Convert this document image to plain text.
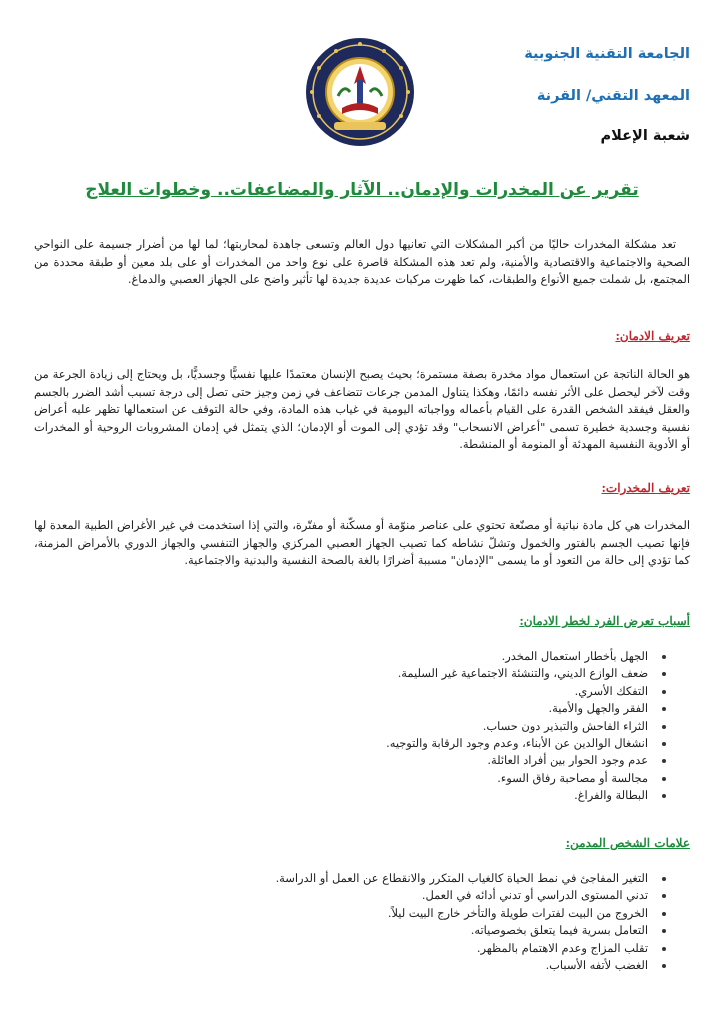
الجامعة التقنية الجنوبية
المعهد التقني/ القرنة
شعبة الإعلام
تقرير عن المخدرات والإدمان.. الآثار والمضاعفات.. وخطوات العلاج

تعد مشكلة المخدرات حاليًا من أكبر المشكلات التي تعانيها دول العالم وتسعى جاهدة لمحاربتها؛ لما لها من أضرار جسيمة على النواحي الصحية والاجتماعية والاقتصادية والأمنية، ولم تعد هذه المشكلة قاصرة على نوع واحد من المخدرات أو على بلد معين أو طبقة محددة من المجتمع، بل شملت جميع الأنواع والطبقات، كما ظهرت مركبات عديدة جديدة لها تأثير واضح على الجهاز العصبي والدماغ.

تعريف الادمان:

هو الحالة الناتجة عن استعمال مواد مخدرة بصفة مستمرة؛ بحيث يصبح الإنسان معتمدًا عليها نفسيًّا وجسديًّا، بل ويحتاج إلى زيادة الجرعة من وقت لآخر ليحصل على الأثر نفسه دائمًا، وهكذا يتناول المدمن جرعات تتضاعف في زمن وجيز حتى تصل إلى درجة تسبب أشد الضرر بالجسم والعقل فيفقد الشخص القدرة على القيام بأعماله وواجباته اليومية في غياب هذه المادة، وفي حالة التوقف عن استعمالها تظهر عليه أعراض نفسية وجسدية خطيرة تسمى "أعراض الانسحاب" وقد تؤدي إلى الموت أو الإدمان؛ الذي يتمثل في إدمان المشروبات الروحية أو المخدرات أو الأدوية النفسية المهدئة أو المنومة أو المنشطة.

تعريف المخدرات:

المخدرات هي كل مادة نباتية أو مصنّعة تحتوي على عناصر منوّمة أو مسكّنة أو مفتّرة، والتي إذا استخدمت في غير الأغراض الطبية المعدة لها فإنها تصيب الجسم بالفتور والخمول وتشلّ نشاطه كما تصيب الجهاز العصبي المركزي والجهاز التنفسي والجهاز الدوري بالأمراض المزمنة، كما تؤدي إلى حالة من التعود أو ما يسمى "الإدمان" مسببة أضرارًا بالغة بالصحة النفسية والبدنية والاجتماعية.

أسباب تعرض الفرد لخطر الادمان:
الجهل بأخطار استعمال المخدر.
ضعف الوازع الديني، والتنشئة الاجتماعية غير السليمة.
التفكك الأسري.
الفقر والجهل والأمية.
الثراء الفاحش والتبذير دون حساب.
انشغال الوالدين عن الأبناء، وعدم وجود الرقابة والتوجيه.
عدم وجود الحوار بين أفراد العائلة.
مجالسة أو مصاحبة رفاق السوء.
البطالة والفراغ.
علامات الشخص المدمن:
التغير المفاجئ في نمط الحياة كالغياب المتكرر والانقطاع عن العمل أو الدراسة.
تدني المستوى الدراسي أو تدني أدائه في العمل.
الخروج من البيت لفترات طويلة والتأخر خارج البيت ليلاً.
التعامل بسرية فيما يتعلق بخصوصياته.
تقلب المزاج وعدم الاهتمام بالمظهر.
الغضب لأتفه الأسباب.
